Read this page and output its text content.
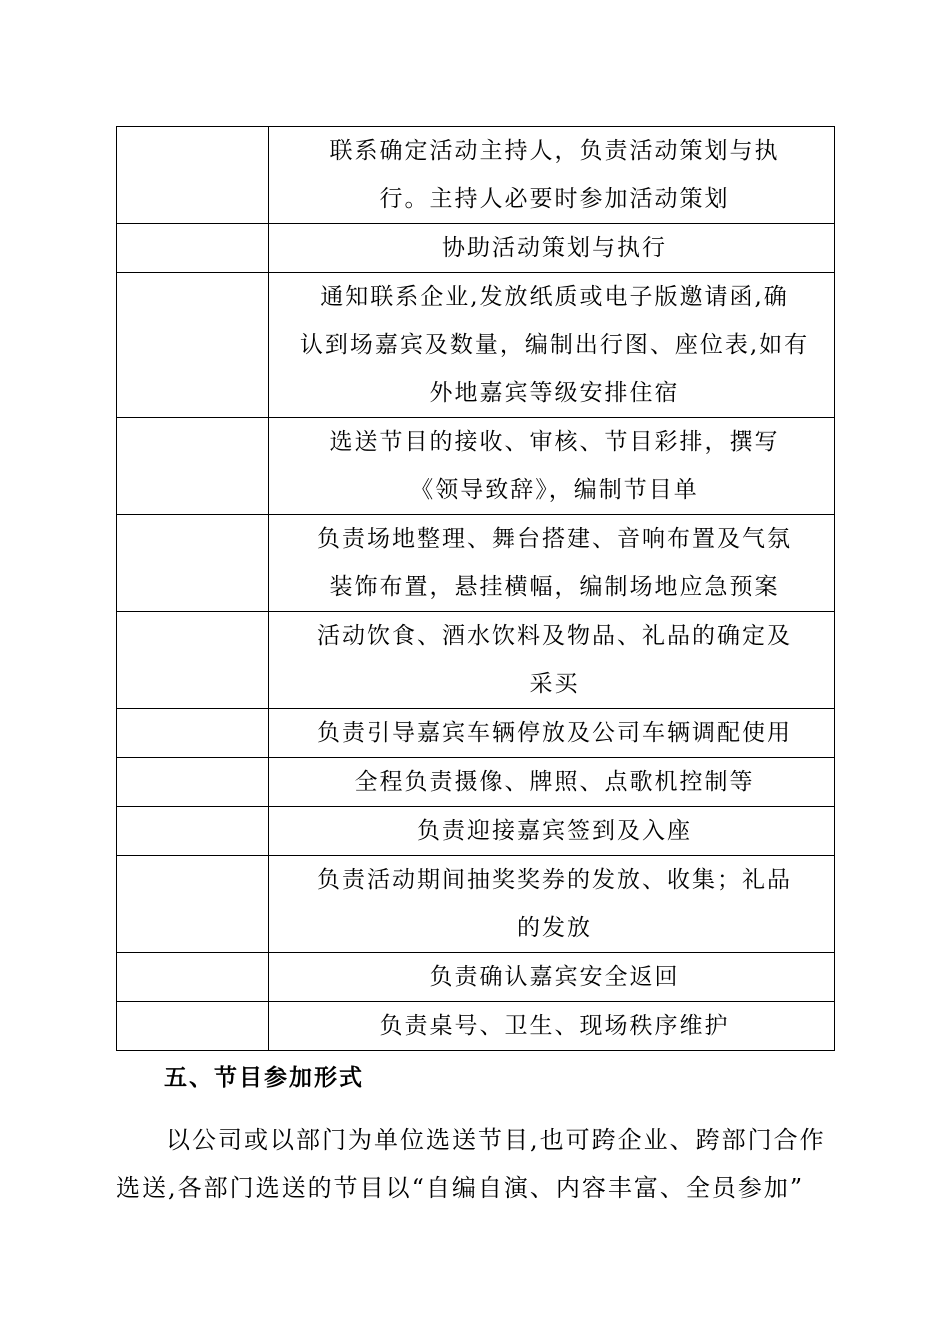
	联系确定活动主持人，负责活动策划与执
行。主持人必要时参加活动策划

	协助活动策划与执行

	通知联系企业,发放纸质或电子版邀请函,确
认到场嘉宾及数量，编制出行图、座位表,如有
外地嘉宾等级安排住宿

	选送节目的接收、审核、节目彩排，撰写
《领导致辞》，编制节目单

	负责场地整理、舞台搭建、音响布置及气氛
装饰布置，悬挂横幅，编制场地应急预案

	活动饮食、酒水饮料及物品、礼品的确定及
采买

	负责引导嘉宾车辆停放及公司车辆调配使用

	全程负责摄像、牌照、点歌机控制等

	负责迎接嘉宾签到及入座

	负责活动期间抽奖奖券的发放、收集；礼品
的发放

	负责确认嘉宾安全返回

	负责桌号、卫生、现场秩序维护
五、节目参加形式

以公司或以部门为单位选送节目,也可跨企业、跨部门合作
选送,各部门选送的节目以“自编自演、内容丰富、全员参加”
